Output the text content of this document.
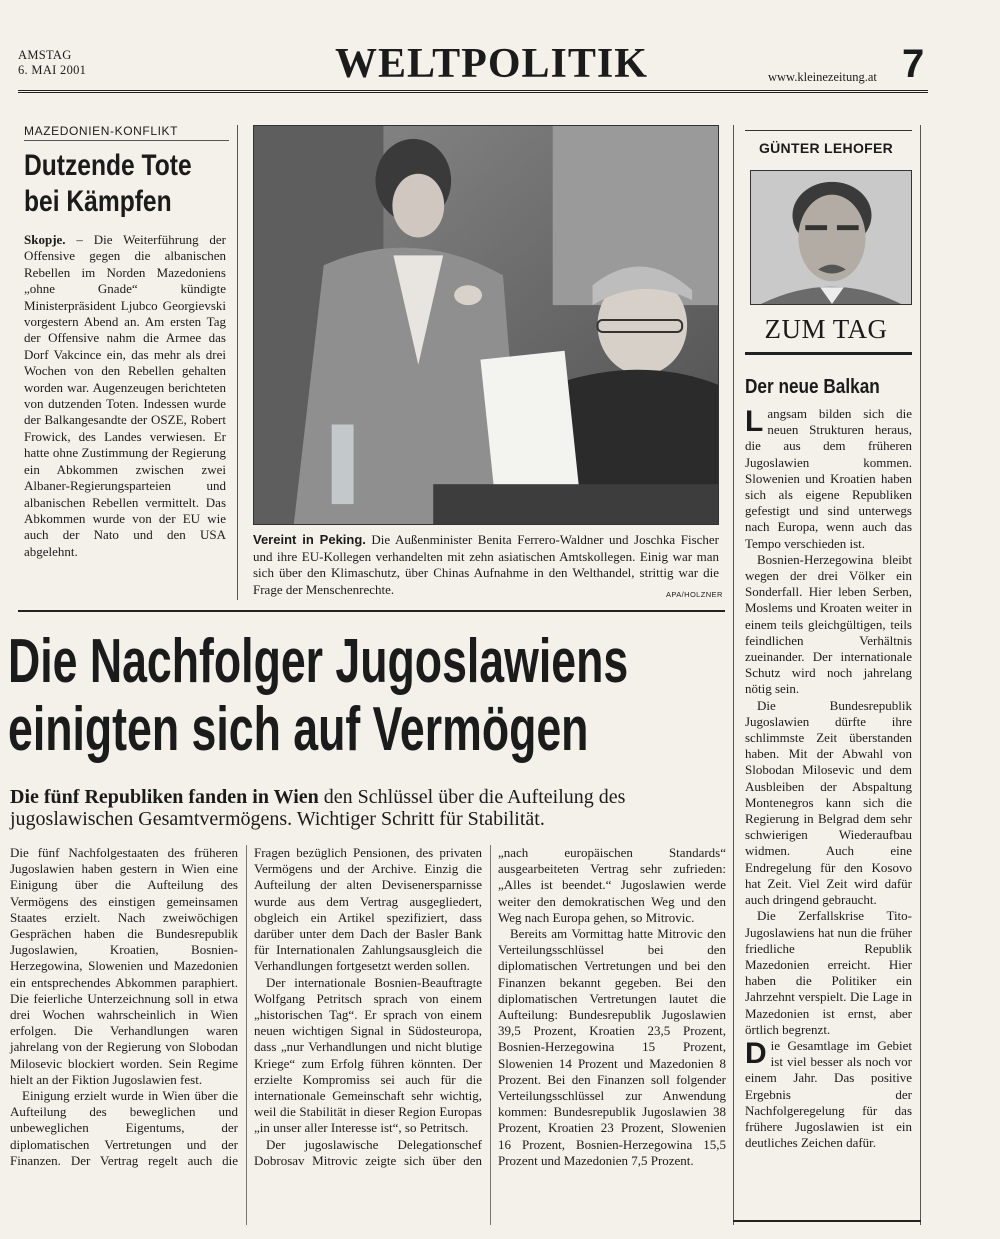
AMSTAG
6. MAI 2001	WELTPOLITIK	www.kleinezeitung.at 7
MAZEDONIEN-KONFLIKT
Dutzende Tote
bei Kämpfen
Skopje. – Die Weiterführung der Offensive gegen die albanischen Rebellen im Norden Mazedoniens „ohne Gnade“ kündigte Ministerpräsident Ljubco Georgievski vorgestern Abend an. Am ersten Tag der Offensive nahm die Armee das Dorf Vakcince ein, das mehr als drei Wochen von den Rebellen gehalten worden war. Augenzeugen berichteten von dutzenden Toten. Indessen wurde der Balkangesandte der OSZE, Robert Frowick, des Landes verwiesen. Er hatte ohne Zustimmung der Regierung ein Abkommen zwischen zwei Albaner-Regierungsparteien und albanischen Rebellen vermittelt. Das Abkommen wurde von der EU wie auch der Nato und den USA abgelehnt.
Vereint in Peking. Die Außenminister Benita Ferrero-Waldner und Joschka Fischer und ihre EU-Kollegen verhandelten mit zehn asiatischen Amtskollegen. Einig war man sich über den Klimaschutz, über Chinas Aufnahme in den Welthandel, strittig war die Frage der Menschenrechte.	APA/HOLZNER
GÜNTER LEHOFER
ZUM TAG
Der neue Balkan

Langsam bilden sich die neuen Strukturen heraus, die aus dem früheren Jugoslawien kommen. Slowenien und Kroatien haben sich als eigene Republiken gefestigt und sind unterwegs nach Europa, wenn auch das Tempo verschieden ist.

Bosnien-Herzegowina bleibt wegen der drei Völker ein Sonderfall. Hier leben Serben, Moslems und Kroaten weiter in einem teils gleichgültigen, teils feindlichen Verhältnis zueinander. Der internationale Schutz wird noch jahrelang nötig sein.

Die Bundesrepublik Jugoslawien dürfte ihre schlimmste Zeit überstanden haben. Mit der Abwahl von Slobodan Milosevic und dem Ausbleiben der Abspaltung Montenegros kann sich die Regierung in Belgrad dem sehr schwierigen Wiederaufbau widmen. Auch eine Endregelung für den Kosovo hat Zeit. Viel Zeit wird dafür auch dringend gebraucht.

Die Zerfallskrise Tito-Jugoslawiens hat nun die früher friedliche Republik Mazedonien erreicht. Hier haben die Politiker ein Jahrzehnt verspielt. Die Lage in Mazedonien ist ernst, aber örtlich begrenzt.

Die Gesamtlage im Gebiet ist viel besser als noch vor einem Jahr. Das positive Ergebnis der Nachfolgeregelung für das frühere Jugoslawien ist ein deutliches Zeichen dafür.

Die Nachfolger Jugoslawiens
einigten sich auf Vermögen
Die fünf Republiken fanden in Wien den Schlüssel über die Aufteilung des jugoslawischen Gesamtvermögens. Wichtiger Schritt für Stabilität.

Die fünf Nachfolgestaaten des früheren Jugoslawien haben gestern in Wien eine Einigung über die Aufteilung des Vermögens des einstigen gemeinsamen Staates erzielt. Nach zweiwöchigen Gesprächen haben die Bundesrepublik Jugoslawien, Kroatien, Bosnien-Herzegowina, Slowenien und Mazedonien ein entsprechendes Abkommen paraphiert. Die feierliche Unterzeichnung soll in etwa drei Wochen wahrscheinlich in Wien erfolgen. Die Verhandlungen waren jahrelang von der Regierung von Slobodan Milosevic blockiert worden. Sein Regime hielt an der Fiktion Jugoslawien fest.

Einigung erzielt wurde in Wien über die Aufteilung des beweglichen und unbeweglichen Eigentums, der diplomatischen Vertretungen und der Finanzen. Der Vertrag regelt auch die Fragen bezüglich Pensionen, des privaten Vermögens und der Archive. Einzig die Aufteilung der alten Devisenersparnisse wurde aus dem Vertrag ausgegliedert, obgleich ein Artikel spezifiziert, dass darüber unter dem Dach der Basler Bank für Internationalen Zahlungsausgleich die Verhandlungen fortgesetzt werden sollen.

Der internationale Bosnien-Beauftragte Wolfgang Petritsch sprach von einem „historischen Tag“. Er sprach von einem neuen wichtigen Signal in Südosteuropa, dass „nur Verhandlungen und nicht blutige Kriege“ zum Erfolg führen könnten. Der erzielte Kompromiss sei auch für die internationale Gemeinschaft sehr wichtig, weil die Stabilität in dieser Region Europas „in unser aller Interesse ist“, so Petritsch.

Der jugoslawische Delegationschef Dobrosav Mitrovic zeigte sich über den „nach europäischen Standards“ ausgearbeiteten Vertrag sehr zufrieden: „Alles ist beendet.“ Jugoslawien werde weiter den demokratischen Weg und den Weg nach Europa gehen, so Mitrovic.

Bereits am Vormittag hatte Mitrovic den Verteilungsschlüssel bei den diplomatischen Vertretungen und bei den Finanzen bekannt gegeben. Bei den diplomatischen Vertretungen lautet die Aufteilung: Bundesrepublik Jugoslawien 39,5 Prozent, Kroatien 23,5 Prozent, Bosnien-Herzegowina 15 Prozent, Slowenien 14 Prozent und Mazedonien 8 Prozent. Bei den Finanzen soll folgender Verteilungsschlüssel zur Anwendung kommen: Bundesrepublik Jugoslawien 38 Prozent, Kroatien 23 Prozent, Slowenien 16 Prozent, Bosnien-Herzegowina 15,5 Prozent und Mazedonien 7,5 Prozent.
